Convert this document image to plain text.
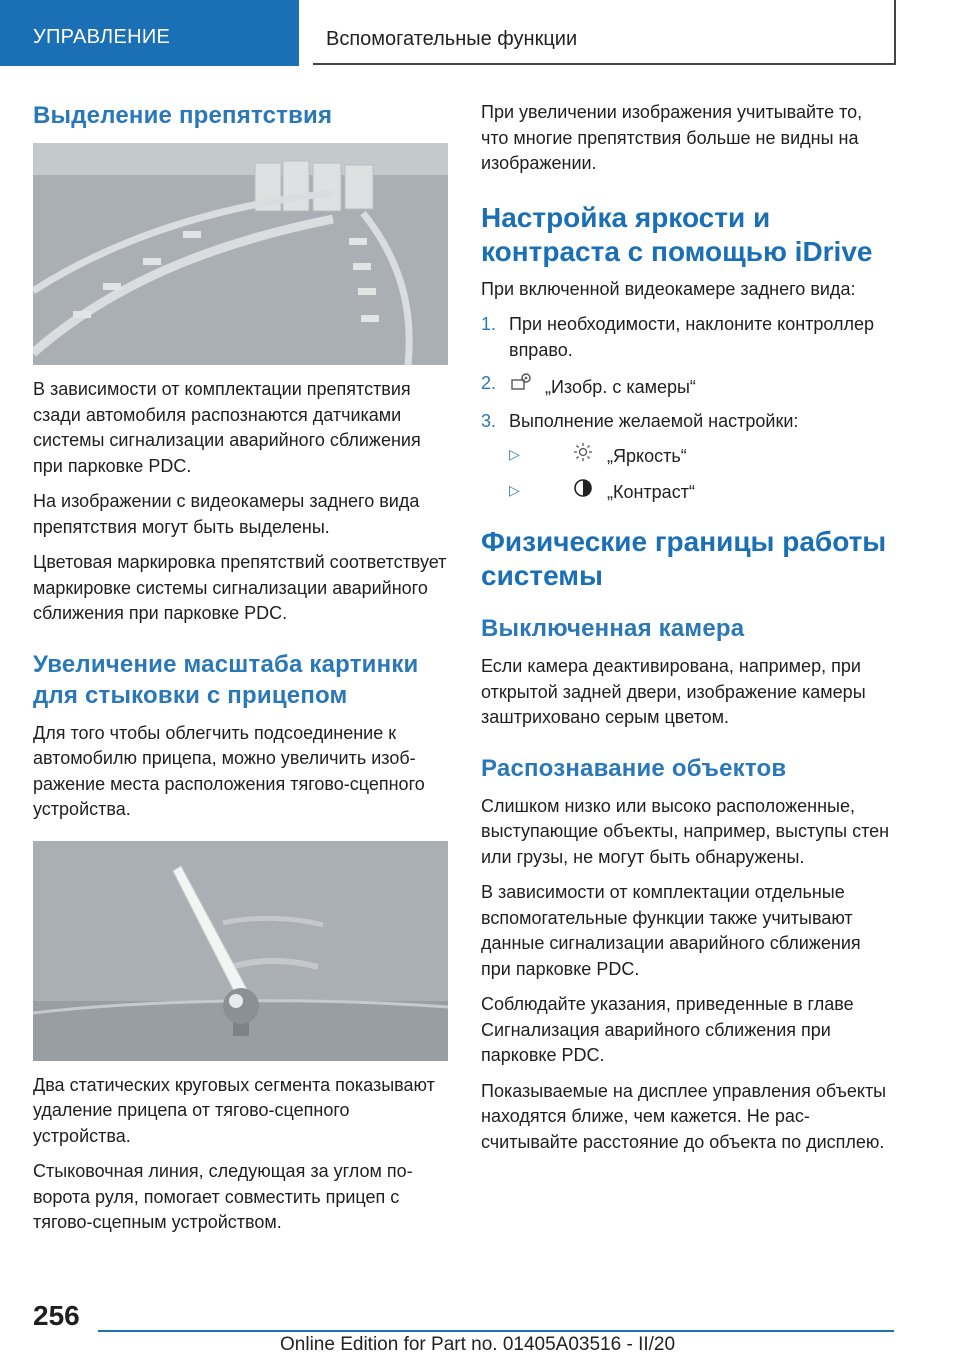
УПРАВЛЕНИЕ	Вспомогательные функции
Выделение препятствия

В зависимости от комплектации препятствия сзади автомобиля распознаются датчиками системы сигнализации аварийного сближения при парковке PDC.

На изображении с видеокамеры заднего вида препятствия могут быть выделены.

Цветовая маркировка препятствий соответствует маркировке системы сигнализации аварийного сближения при парковке PDC.

Увеличение масштаба картинки для стыковки с прицепом

Для того чтобы облегчить подсоединение к автомобилю прицепа, можно увеличить изображение места расположения тягово-сцепного устройства.

Два статических круговых сегмента показывают удаление прицепа от тягово-сцепного устройства.

Стыковочная линия, следующая за углом поворота руля, помогает совместить прицеп с тягово-сцепным устройством.

При увеличении изображения учитывайте то, что многие препятствия больше не видны на изображении.

Настройка яркости и контраста с помощью iDrive

При включенной видеокамере заднего вида:

1. При необходимости, наклоните контроллер вправо.
2.	„Изобр. с камеры“
3. Выполнение желаемой настройки:
▷	„Яркость“
▷	„Контраст“
Физические границы работы системы
Выключенная камера

Если камера деактивирована, например, при открытой задней двери, изображение камеры заштриховано серым цветом.

Распознавание объектов

Слишком низко или высоко расположенные, выступающие объекты, например, выступы стен или грузы, не могут быть обнаружены.

В зависимости от комплектации отдельные вспомогательные функции также учитывают данные сигнализации аварийного сближения при парковке PDC.

Соблюдайте указания, приведенные в главе Сигнализация аварийного сближения при парковке PDC.

Показываемые на дисплее управления объекты находятся ближе, чем кажется. Не рассчитывайте расстояние до объекта по дисплею.

256
Online Edition for Part no. 01405A03516 - II/20
